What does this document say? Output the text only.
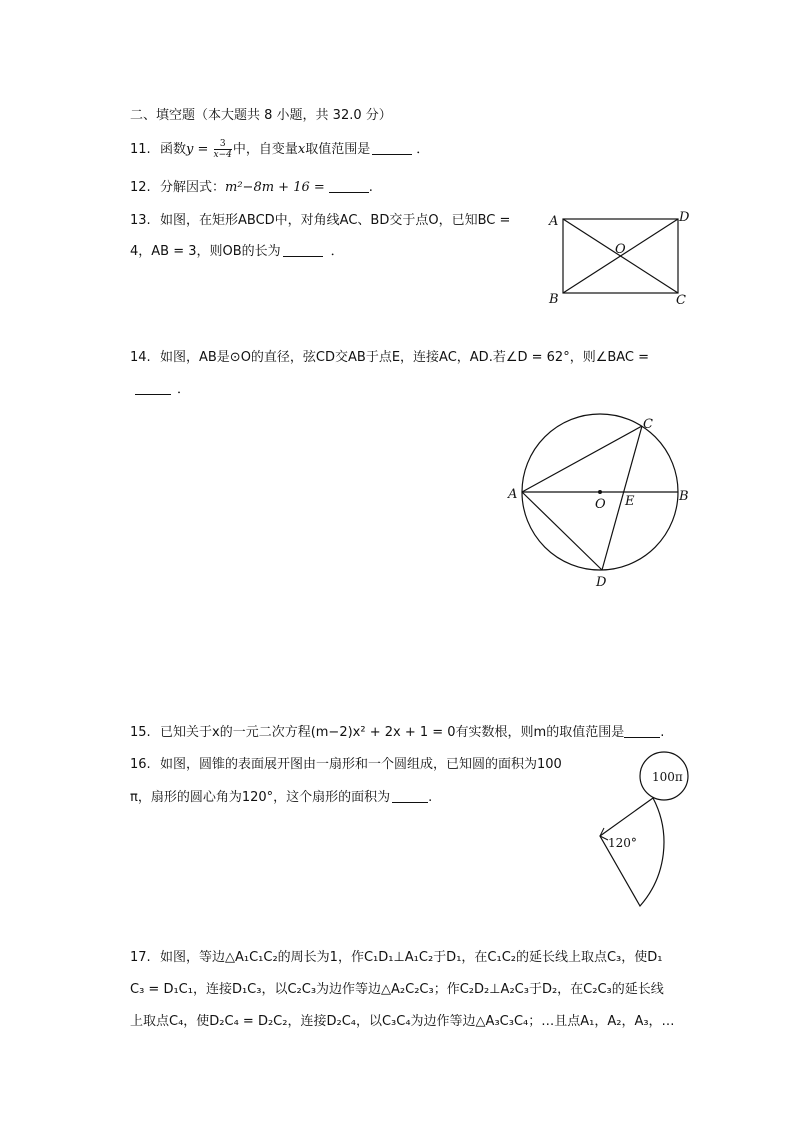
二、填空题（本大题共 8 小题，共 32.0 分）
11. 函数$y = \frac{3}{x-4}$ 中，自变量x取值范围是	．
12. 分解因式：m²−8m + 16 =	.
13. 如图，在矩形ABCD中，对角线AC、BD交于点O，已知BC =
4，AB = 3，则OB的长为	．
A	D
B	C
O
14. 如图，AB是⊙O的直径，弦CD交AB于点E，连接AC，AD.若∠D = 62°，则∠BAC =
．
A	B
C
D
O E
15. 已知关于x的一元二次方程(m−2)x² + 2x + 1 = 0有实数根，则m的取值范围是	.
16. 如图，圆锥的表面展开图由一扇形和一个圆组成，已知圆的面积为100
π，扇形的圆心角为120°，这个扇形的面积为	.
100π
120°
17. 如图，等边△A₁C₁C₂的周长为1，作C₁D₁⊥A₁C₂于D₁，在C₁C₂的延长线上取点C₃，使D₁
C₃ = D₁C₁，连接D₁C₃，以C₂C₃为边作等边△A₂C₂C₃；作C₂D₂⊥A₂C₃于D₂，在C₂C₃的延长线
上取点C₄，使D₂C₄ = D₂C₂，连接D₂C₄，以C₃C₄为边作等边△A₃C₃C₄；…且点A₁，A₂，A₃，…
